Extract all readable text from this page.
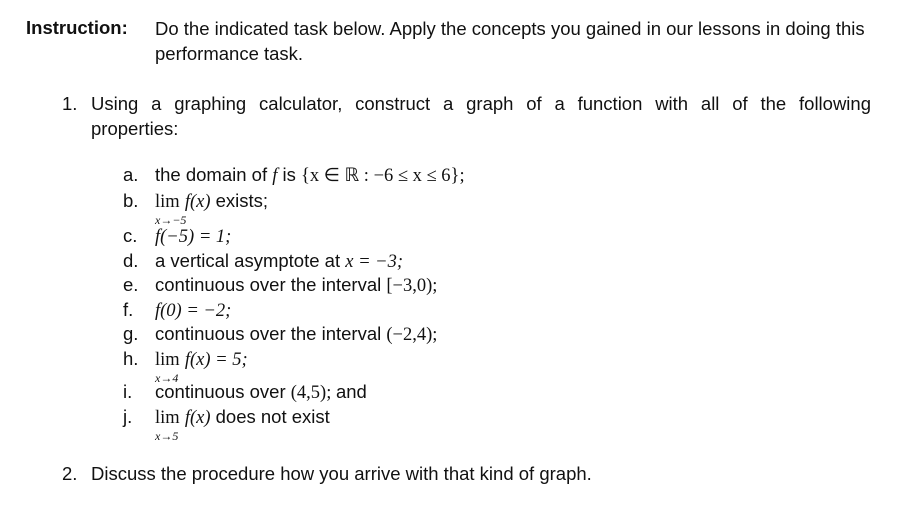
Instruction: Do the indicated task below. Apply the concepts you gained in our lessons in doing this performance task.
1. Using a graphing calculator, construct a graph of a function with all of the following
properties:
a. the domain of f is {x ∈ ℝ : −6 ≤ x ≤ 6};
b. lim
x→−5
f(x) exists;
c. f(−5) = 1;
d. a vertical asymptote at x = −3;
e. continuous over the interval [−3,0);
f.	f(0) = −2;
g. continuous over the interval (−2,4);
h. lim
x→4
f(x) = 5;
i.	continuous over (4,5); and
j.	lim
x→5
f(x) does not exist
2. Discuss the procedure how you arrive with that kind of graph.
